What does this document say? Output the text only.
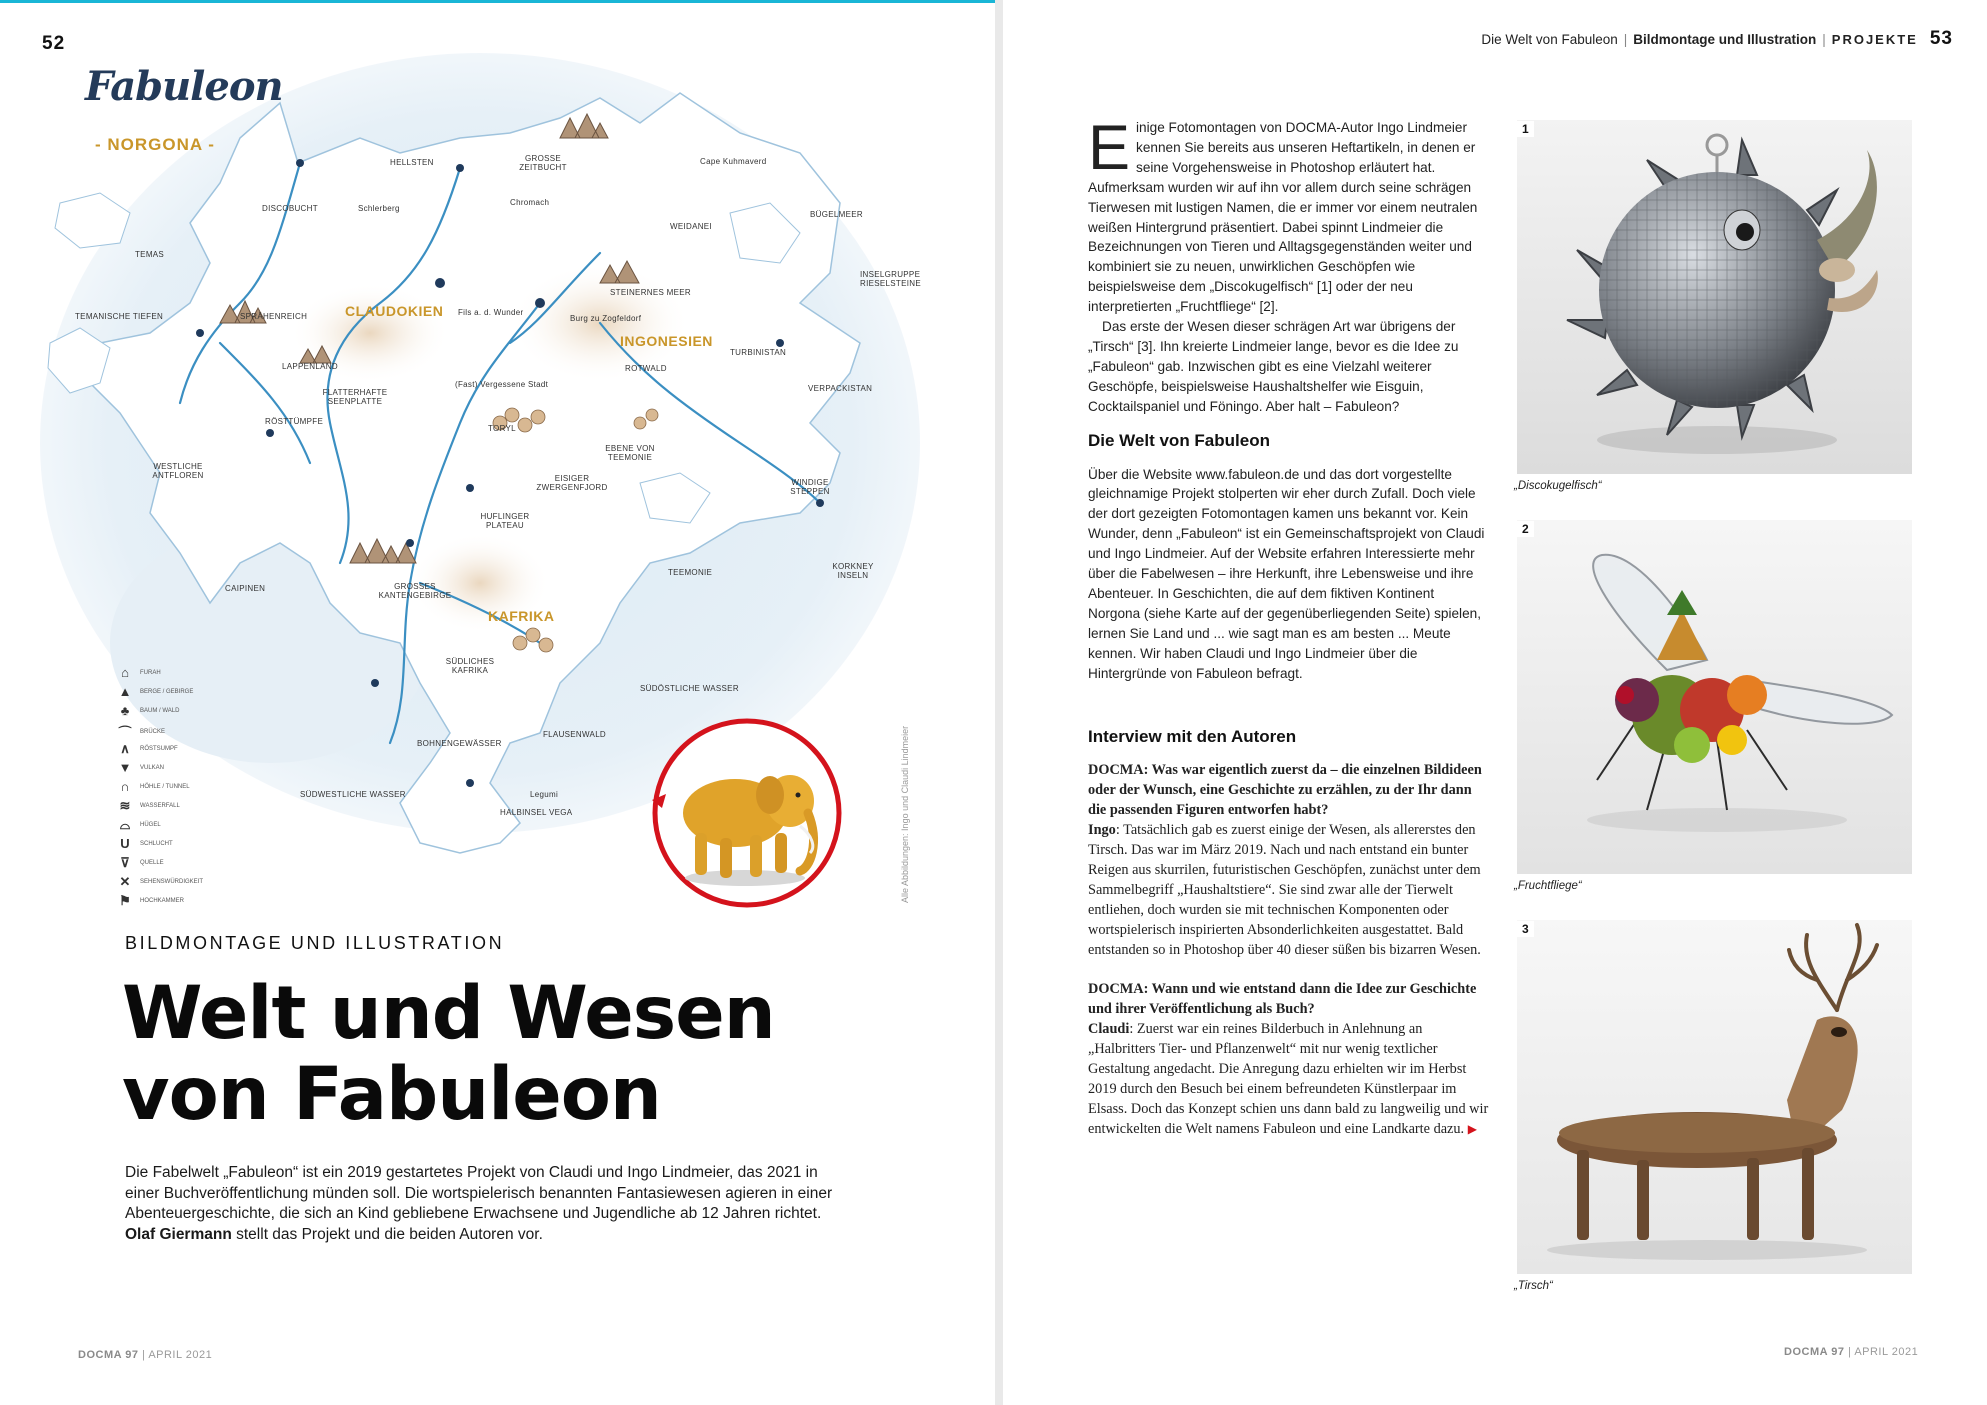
52
Fabuleon
- NORGONA -
CLAUDOKIEN
INGONESIEN
KAFRIKA
HELLSTEN	GROSSE ZEITBUCHT
Cape Kuhmaverd
DISCOBUCHT	Schlerberg
Chromach
BÜGELMEER
WEIDANEI
TEMAS
INSELGRUPPE RIESELSTEINE
STEINERNES MEER
TEMANISCHE TIEFEN	SPRÄHENREICH	Fils a. d. Wunder
Burg zu Zogfeldorf
LAPPENLAND
TURBINISTAN
ROTWALD
FLATTERHAFTE SEENPLATTE
(Fast) Vergessene Stadt	VERPACKISTAN
RÖSTTÜMPFE
TORYL
WESTLICHE ANTFLOREN
EBENE VON TEEMONIE
EISIGER ZWERGENFJORD
WINDIGE STEPPEN
HUFLINGER PLATEAU
KORKNEY INSELN
CAIPINEN
TEEMONIE
GROSSES KANTENGEBIRGE
SÜDLICHES KAFRIKA
SÜDÖSTLICHE WASSER
FLAUSENWALD
BOHNENGEWÄSSER
SÜDWESTLICHE WASSER
HALBINSEL VEGA
Legumi
⌂	FURAH
▲ BERGE / GEBIRGE
♣	BAUM / WALD
⌒ BRÜCKE
∧	RÖSTSUMPF
▼ VULKAN
∩	HÖHLE / TUNNEL
≋ WASSERFALL
⌓	HÜGEL
U	SCHLUCHT
⊽	QUELLE
✕ SEHENSWÜRDIGKEIT
⚑ HOCHKAMMER	Alle Abbildungen: Ingo und Claudi Lindmeier
BILDMONTAGE UND ILLUSTRATION
Welt und Wesen
von Fabuleon
Die Fabelwelt „Fabuleon“ ist ein 2019 gestartetes Projekt von Claudi und Ingo Lindmeier, das 2021 in einer Buchveröffentlichung münden soll. Die wortspielerisch benannten Fantasiewesen agieren in einer Abenteuergeschichte, die sich an Kind gebliebene Erwachsene und Jugendliche ab 12 Jahren richtet. Olaf Giermann stellt das Projekt und die beiden Autoren vor.
DOCMA 97 | APRIL 2021
Die Welt von Fabuleon | Bildmontage und Illustration | PROJEKTE 53

Einige Fotomontagen von DOCMA-Autor Ingo Lindmeier kennen Sie bereits aus unseren Heftartikeln, in denen er seine Vorgehensweise in Photoshop erläutert hat. Aufmerksam wurden wir auf ihn vor allem durch seine schrägen Tierwesen mit lustigen Namen, die er immer vor einem neutralen weißen Hintergrund präsentiert. Dabei spinnt Lindmeier die Bezeichnungen von Tieren und Alltagsgegenständen weiter und kombiniert sie zu neuen, unwirklichen Geschöpfen wie beispielsweise dem „Discokugelfisch“ [1] oder der neu interpretierten „Fruchtfliege“ [2].

Das erste der Wesen dieser schrägen Art war übrigens der „Tirsch“ [3]. Ihn kreierte Lindmeier lange, bevor es die Idee zu „Fabuleon“ gab. Inzwischen gibt es eine Vielzahl weiterer Geschöpfe, beispielsweise Haushaltshelfer wie Eisguin, Cocktailspaniel und Föningo. Aber halt – Fabuleon?

Die Welt von Fabuleon

Über die Website www.fabuleon.de und das dort vorgestellte gleichnamige Projekt stolperten wir eher durch Zufall. Doch viele der dort gezeigten Fotomontagen kamen uns bekannt vor. Kein Wunder, denn „Fabuleon“ ist ein Gemeinschaftsprojekt von Claudi und Ingo Lindmeier. Auf der Website erfahren Interessierte mehr über die Fabelwesen – ihre Herkunft, ihre Lebensweise und ihre Abenteuer. In Geschichten, die auf dem fiktiven Kontinent Norgona (siehe Karte auf der gegenüberliegenden Seite) spielen, lernen Sie Land und ... wie sagt man es am besten ... Meute kennen. Wir haben Claudi und Ingo Lindmeier über die Hintergründe von Fabuleon befragt.

Interview mit den Autoren

DOCMA: Was war eigentlich zuerst da – die einzelnen Bildideen oder der Wunsch, eine Geschichte zu erzählen, zu der Ihr dann die passenden Figuren entworfen habt?

Ingo: Tatsächlich gab es zuerst einige der Wesen, als allererstes den Tirsch. Das war im März 2019. Nach und nach entstand ein bunter Reigen aus skurrilen, futuristischen Geschöpfen, zunächst unter dem Sammelbegriff „Haushaltstiere“. Sie sind zwar alle der Tierwelt entliehen, doch wurden sie mit technischen Komponenten oder wortspielerisch inspirierten Absonderlichkeiten ausgestattet. Bald entstanden so in Photoshop über 40 dieser süßen bis bizarren Wesen.

DOCMA: Wann und wie entstand dann die Idee zur Geschichte und ihrer Veröffentlichung als Buch?

Claudi: Zuerst war ein reines Bilderbuch in Anlehnung an „Halbritters Tier- und Pflanzenwelt“ mit nur wenig textlicher Gestaltung angedacht. Die Anregung dazu erhielten wir im Herbst 2019 durch den Besuch bei einem befreundeten Künstlerpaar im Elsass. Doch das Konzept schien uns dann bald zu langweilig und wir entwickelten die Welt namens Fabuleon und eine Landkarte dazu. ▶

1
„Discokugelfisch“
2
„Fruchtfliege“
3
„Tirsch“
DOCMA 97 | APRIL 2021
